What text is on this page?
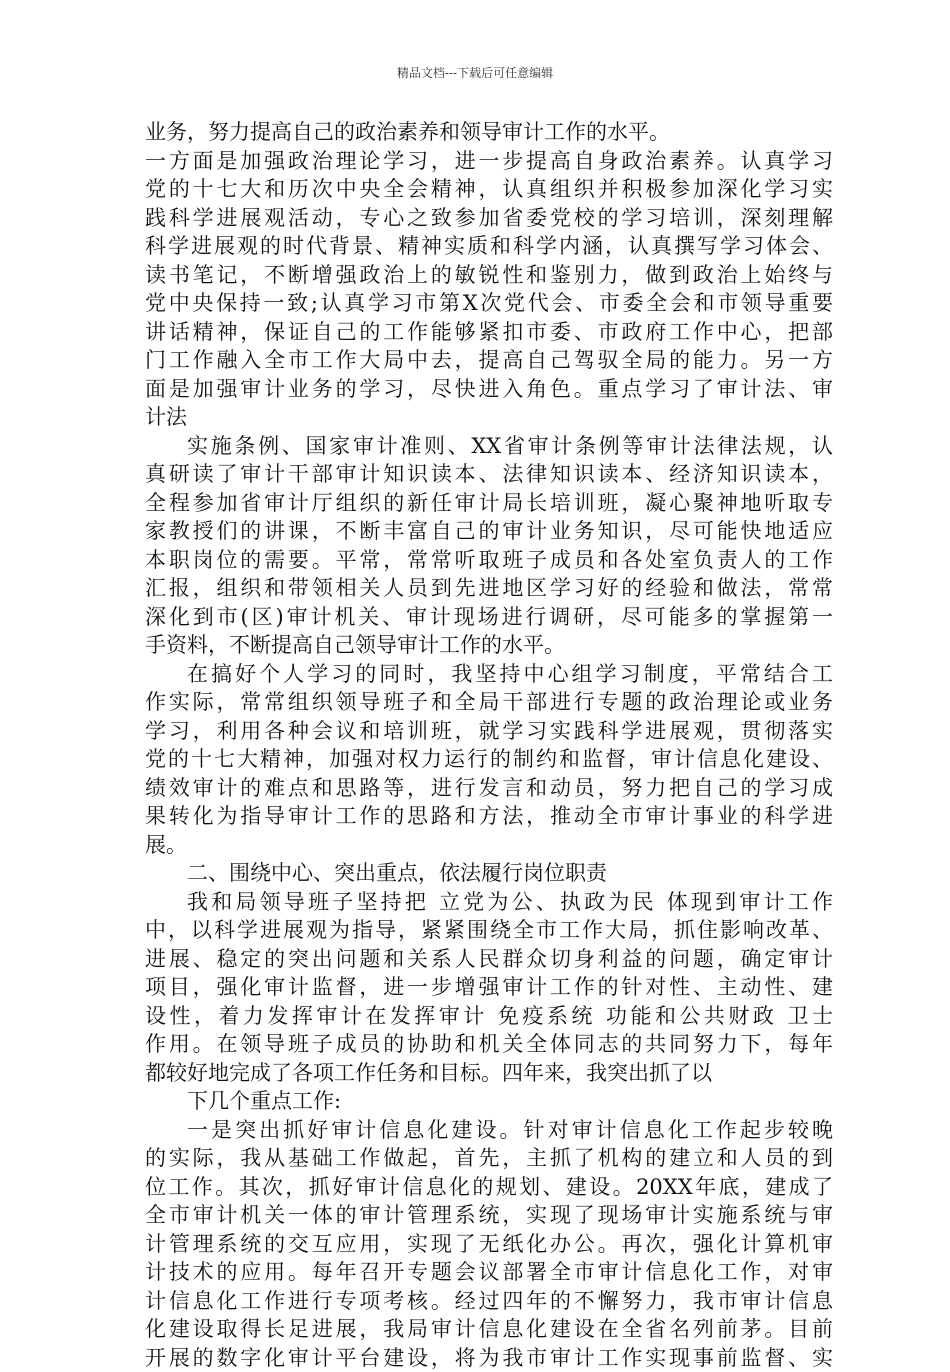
精品文档---下载后可任意编辑
业务，努力提高自己的政治素养和领导审计工作的水平。
一方面是加强政治理论学习，进一步提高自身政治素养。认真学习
党的十七大和历次中央全会精神，认真组织并积极参加深化学习实
践科学进展观活动，专心之致参加省委党校的学习培训，深刻理解
科学进展观的时代背景、精神实质和科学内涵，认真撰写学习体会、
读书笔记，不断增强政治上的敏锐性和鉴别力，做到政治上始终与
党中央保持一致;认真学习市第X次党代会、市委全会和市领导重要
讲话精神，保证自己的工作能够紧扣市委、市政府工作中心，把部
门工作融入全市工作大局中去，提高自己驾驭全局的能力。另一方
面是加强审计业务的学习，尽快进入角色。重点学习了审计法、审
计法
实施条例、国家审计准则、XX省审计条例等审计法律法规，认
真研读了审计干部审计知识读本、法律知识读本、经济知识读本，
全程参加省审计厅组织的新任审计局长培训班，凝心聚神地听取专
家教授们的讲课，不断丰富自己的审计业务知识，尽可能快地适应
本职岗位的需要。平常，常常听取班子成员和各处室负责人的工作
汇报，组织和带领相关人员到先进地区学习好的经验和做法，常常
深化到市(区)审计机关、审计现场进行调研，尽可能多的掌握第一
手资料，不断提高自己领导审计工作的水平。
在搞好个人学习的同时，我坚持中心组学习制度，平常结合工
作实际，常常组织领导班子和全局干部进行专题的政治理论或业务
学习，利用各种会议和培训班，就学习实践科学进展观，贯彻落实
党的十七大精神，加强对权力运行的制约和监督，审计信息化建设、
绩效审计的难点和思路等，进行发言和动员，努力把自己的学习成
果转化为指导审计工作的思路和方法，推动全市审计事业的科学进
展。
二、围绕中心、突出重点，依法履行岗位职责
我和局领导班子坚持把 立党为公、执政为民 体现到审计工作
中，以科学进展观为指导，紧紧围绕全市工作大局，抓住影响改革、
进展、稳定的突出问题和关系人民群众切身利益的问题，确定审计
项目，强化审计监督，进一步增强审计工作的针对性、主动性、建
设性，着力发挥审计在发挥审计 免疫系统 功能和公共财政 卫士
作用。在领导班子成员的协助和机关全体同志的共同努力下，每年
都较好地完成了各项工作任务和目标。四年来，我突出抓了以
下几个重点工作:
一是突出抓好审计信息化建设。针对审计信息化工作起步较晚
的实际，我从基础工作做起，首先，主抓了机构的建立和人员的到
位工作。其次，抓好审计信息化的规划、建设。20XX年底，建成了
全市审计机关一体的审计管理系统，实现了现场审计实施系统与审
计管理系统的交互应用，实现了无纸化办公。再次，强化计算机审
计技术的应用。每年召开专题会议部署全市审计信息化工作，对审
计信息化工作进行专项考核。经过四年的不懈努力，我市审计信息
化建设取得长足进展，我局审计信息化建设在全省名列前茅。目前
开展的数字化审计平台建设，将为我市审计工作实现事前监督、实
